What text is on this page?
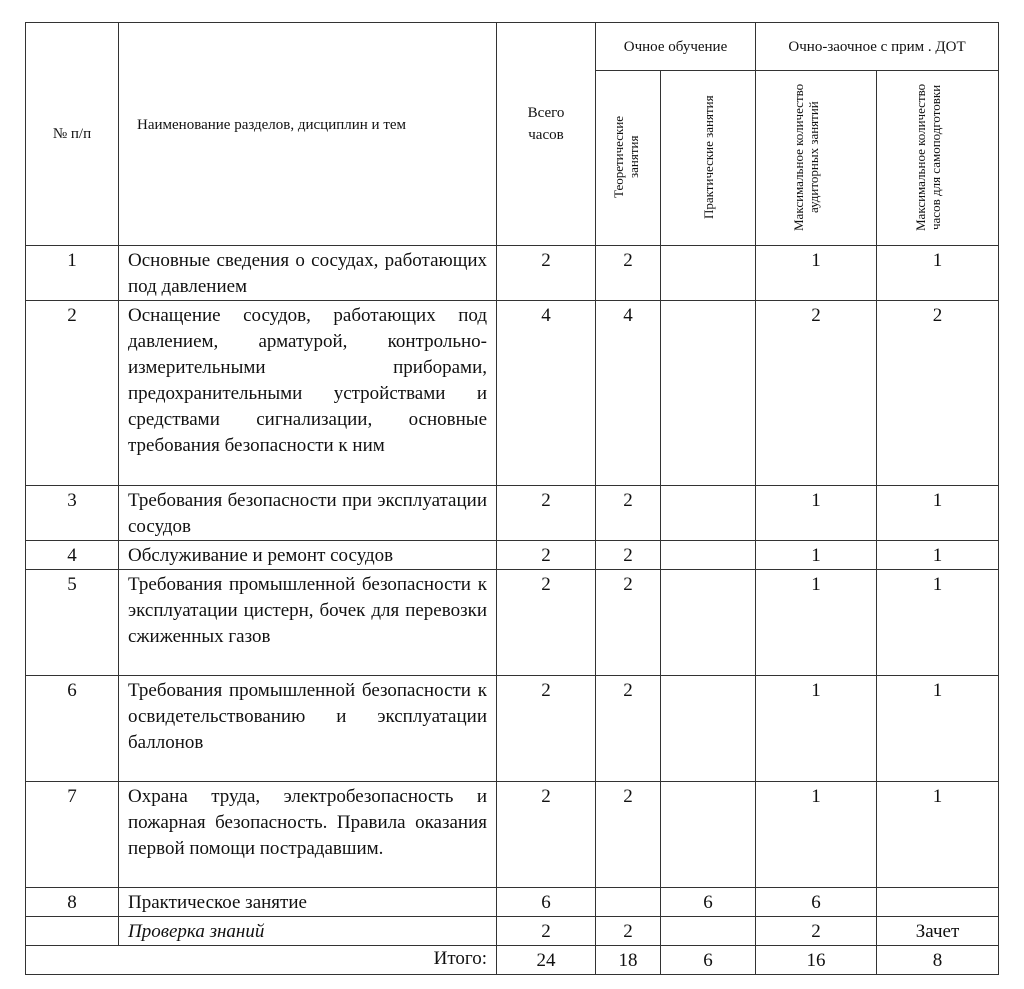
№ п/п	Наименование разделов, дисциплин и тем	Всего часов	Очное обучение		Очно-заочное с прим . ДОТ	
			Теоретические занятия	Практические занятия	Максимальное количество аудиторных занятий	Максимальное количество часов для самоподготовки
1	Основные сведения о сосудах, работающих под давлением	2	2		1	1
2	Оснащение сосудов, работающих под давлением, арматурой, контрольно-измерительными приборами, предохранительными устройствами и средствами сигнализации, основные требования безопасности к ним	4	4		2	2
3	Требования безопасности при эксплуатации сосудов	2	2		1	1
4	Обслуживание и ремонт сосудов	2	2		1	1
5	Требования промышленной безопасности к эксплуатации цистерн, бочек для перевозки сжиженных газов	2	2		1	1
6	Требования промышленной безопасности к освидетельствованию и эксплуатации баллонов	2	2		1	1
7	Охрана труда, электробезопасность и пожарная безопасность. Правила оказания первой помощи пострадавшим.	2	2		1	1
8	Практическое занятие	6		6	6	
	Проверка знаний	2	2		2	Зачет
Итого:		24	18	6	16	8
